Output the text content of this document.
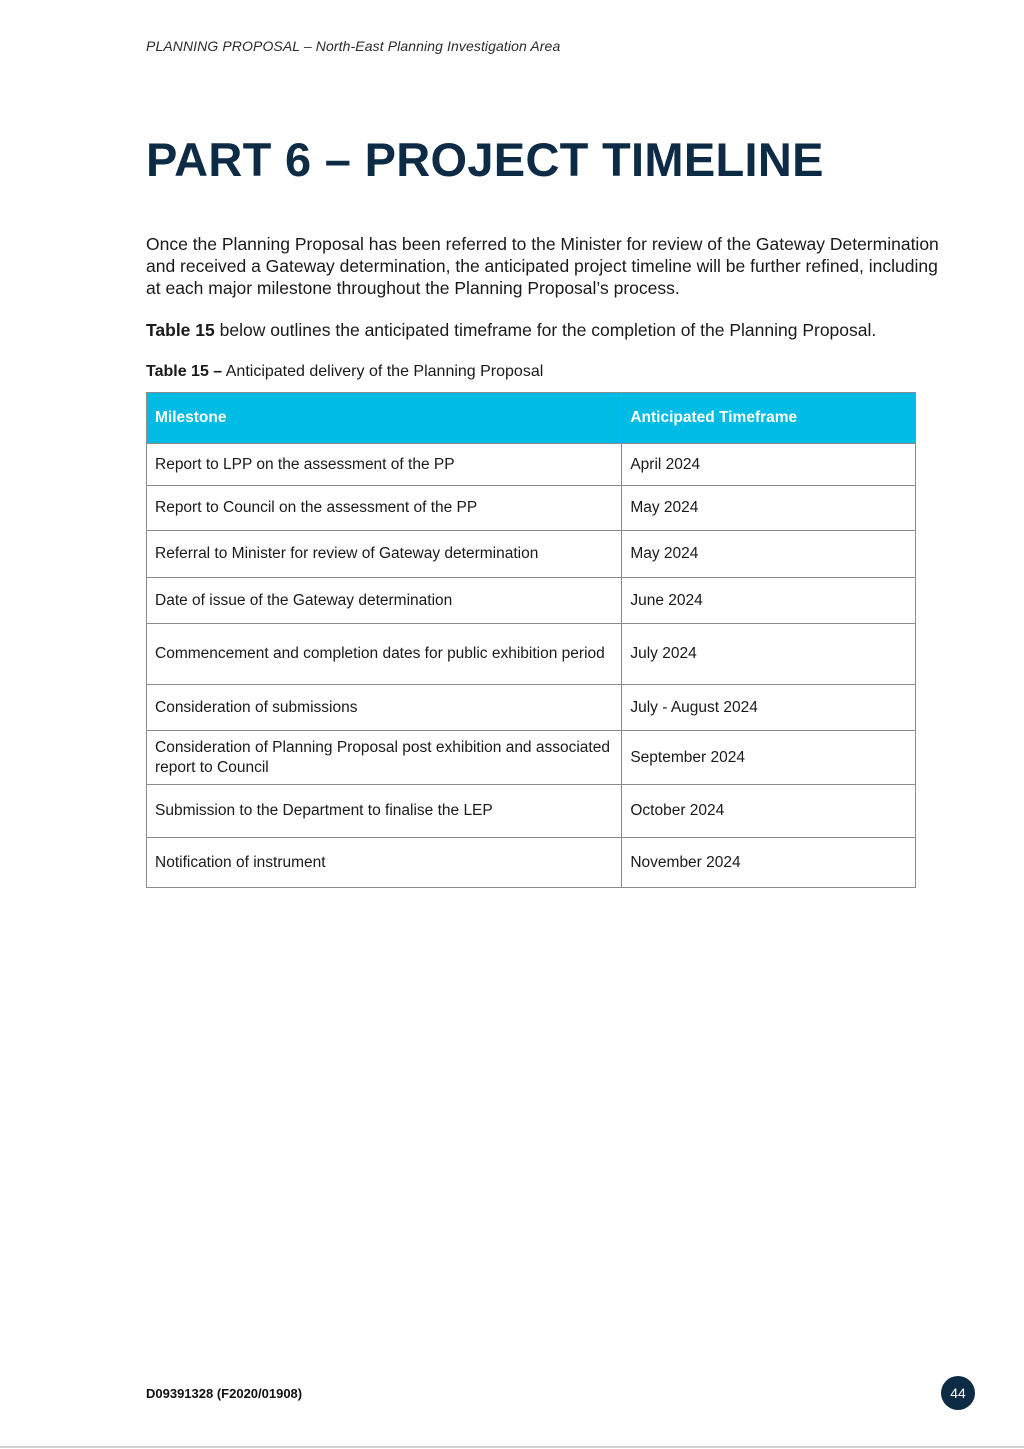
PLANNING PROPOSAL – North-East Planning Investigation Area
PART 6 – PROJECT TIMELINE

Once the Planning Proposal has been referred to the Minister for review of the Gateway Determination and received a Gateway determination, the anticipated project timeline will be further refined, including at each major milestone throughout the Planning Proposal’s process.

Table 15 below outlines the anticipated timeframe for the completion of the Planning Proposal.

Table 15 – Anticipated delivery of the Planning Proposal

Milestone	Anticipated Timeframe
Report to LPP on the assessment of the PP	April 2024
Report to Council on the assessment of the PP	May 2024
Referral to Minister for review of Gateway determination	May 2024
Date of issue of the Gateway determination	June 2024
Commencement and completion dates for public exhibition period	July 2024
Consideration of submissions	July - August 2024
Consideration of Planning Proposal post exhibition and associated report to Council	September 2024
Submission to the Department to finalise the LEP	October 2024
Notification of instrument	November 2024
D09391328 (F2020/01908)	44
